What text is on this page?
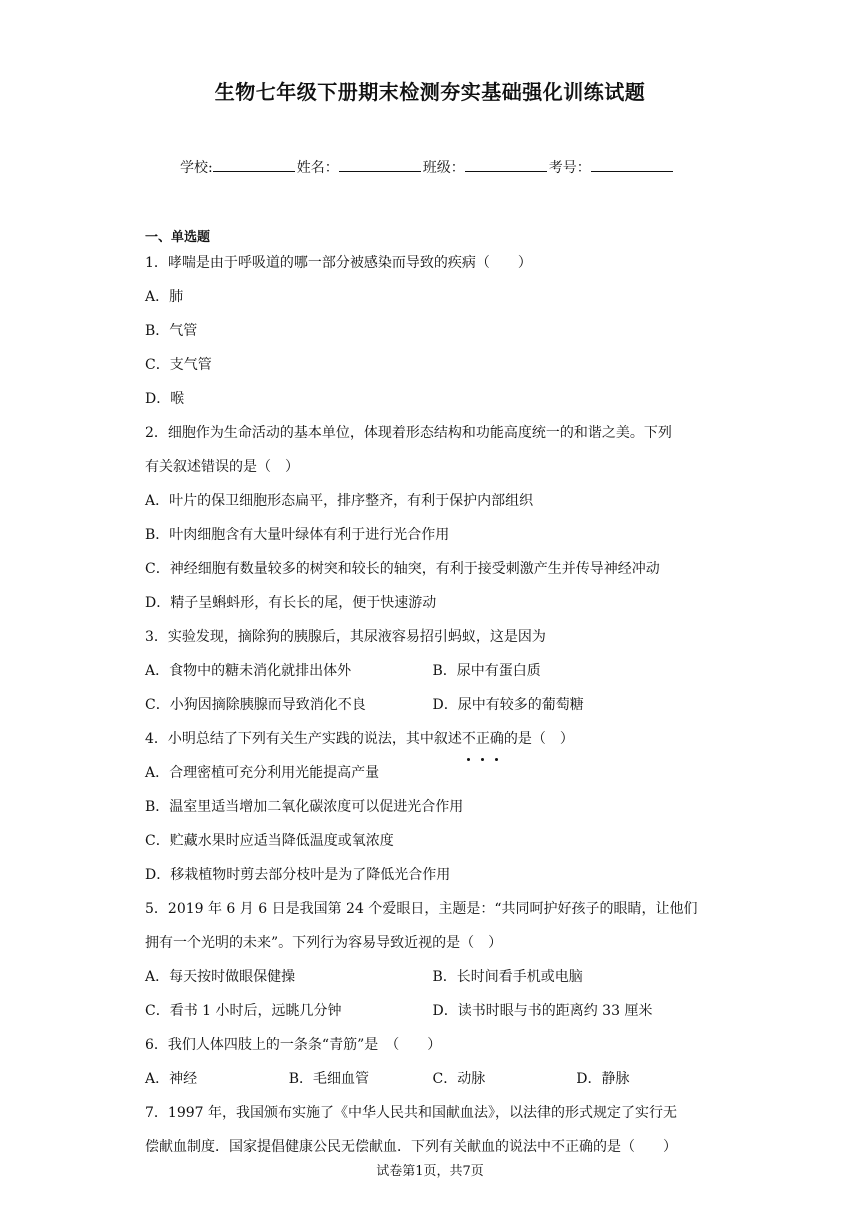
生物七年级下册期末检测夯实基础强化训练试题
学校:	姓名：	班级：	考号：
一、单选题
1．哮喘是由于呼吸道的哪一部分被感染而导致的疾病（　　）
A．肺
B．气管
C．支气管
D．喉
2．细胞作为生命活动的基本单位，体现着形态结构和功能高度统一的和谐之美。下列
有关叙述错误的是（　）
A．叶片的保卫细胞形态扁平，排序整齐，有利于保护内部组织
B．叶肉细胞含有大量叶绿体有利于进行光合作用
C．神经细胞有数量较多的树突和较长的轴突，有利于接受刺激产生并传导神经冲动
D．精子呈蝌蚪形，有长长的尾，便于快速游动
3．实验发现，摘除狗的胰腺后，其尿液容易招引蚂蚁，这是因为
A．食物中的糖未消化就排出体外	B．尿中有蛋白质
C．小狗因摘除胰腺而导致消化不良	D．尿中有较多的葡萄糖
4．小明总结了下列有关生产实践的说法，其中叙述不正确的是（　）
A．合理密植可充分利用光能提高产量
B．温室里适当增加二氧化碳浓度可以促进光合作用
C．贮藏水果时应适当降低温度或氧浓度
D．移栽植物时剪去部分枝叶是为了降低光合作用
5．2019 年 6 月 6 日是我国第 24 个爱眼日，主题是：“共同呵护好孩子的眼睛，让他们
拥有一个光明的未来”。下列行为容易导致近视的是（　）
A．每天按时做眼保健操	B．长时间看手机或电脑
C．看书 1 小时后，远眺几分钟	D．读书时眼与书的距离约 33 厘米
6．我们人体四肢上的一条条“青筋”是　（　　）
A．神经	B．毛细血管	C．动脉	D．静脉
7．1997 年，我国颁布实施了《中华人民共和国献血法》，以法律的形式规定了实行无
偿献血制度．国家提倡健康公民无偿献血．下列有关献血的说法中不正确的是（　　）
试卷第1页，共7页
